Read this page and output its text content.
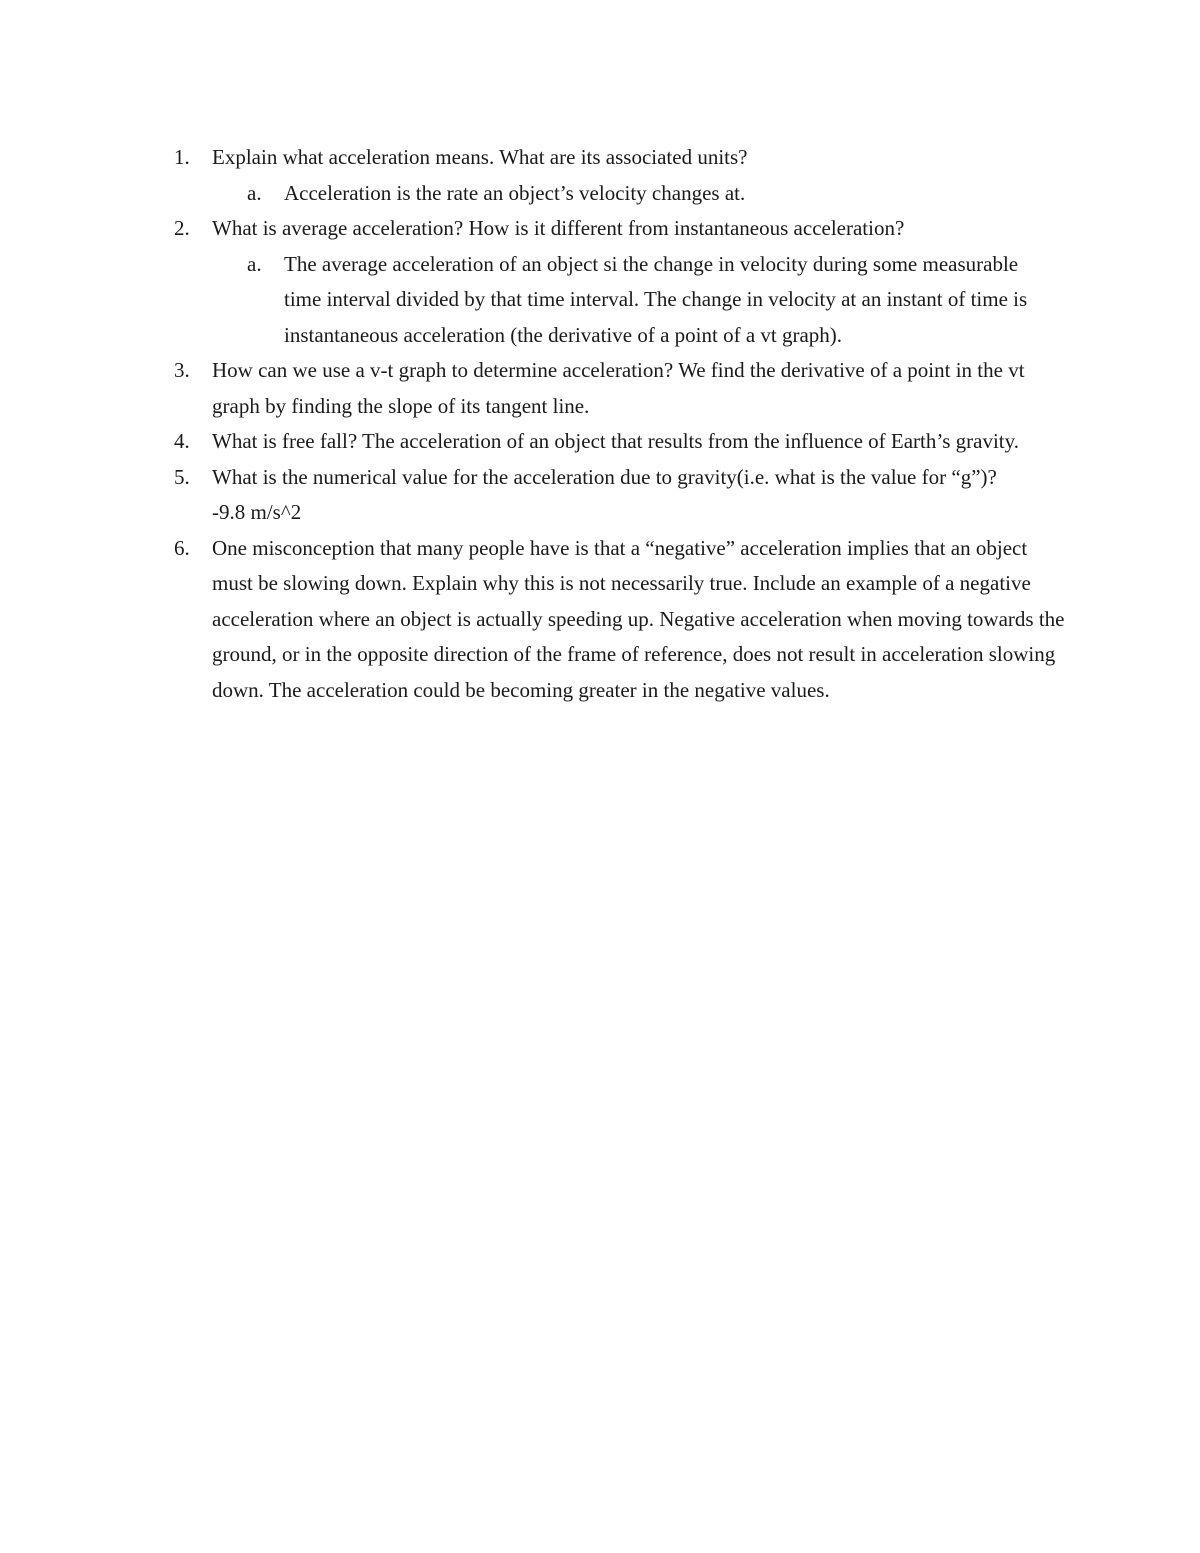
1. Explain what acceleration means. What are its associated units?
a. Acceleration is the rate an object’s velocity changes at.
2. What is average acceleration? How is it different from instantaneous acceleration?
a. The average acceleration of an object si the change in velocity during some measurable time interval divided by that time interval. The change in velocity at an instant of time is instantaneous acceleration (the derivative of a point of a vt graph).
3. How can we use a v-t graph to determine acceleration? We find the derivative of a point in the vt graph by finding the slope of its tangent line.
4. What is free fall? The acceleration of an object that results from the influence of Earth’s gravity.
5. What is the numerical value for the acceleration due to gravity(i.e. what is the value for “g”)?
-9.8 m/s^2
6. One misconception that many people have is that a “negative” acceleration implies that an object must be slowing down. Explain why this is not necessarily true. Include an example of a negative acceleration where an object is actually speeding up. Negative acceleration when moving towards the ground, or in the opposite direction of the frame of reference, does not result in acceleration slowing down. The acceleration could be becoming greater in the negative values.
